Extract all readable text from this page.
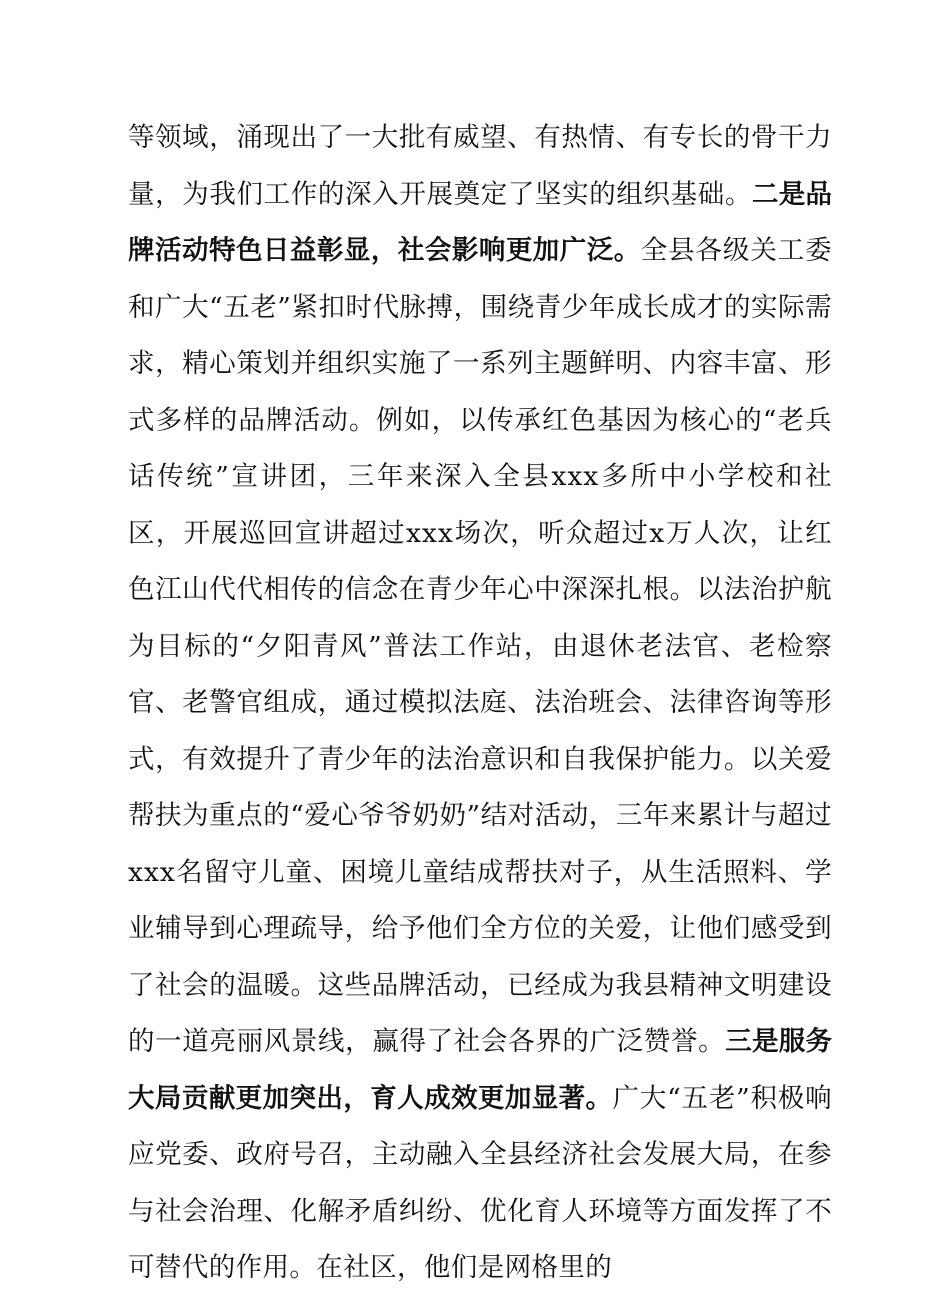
等领域，涌现出了一大批有威望、有热情、有专长的骨干力量，为我们工作的深入开展奠定了坚实的组织基础。二是品牌活动特色日益彰显，社会影响更加广泛。全县各级关工委和广大“五老”紧扣时代脉搏，围绕青少年成长成才的实际需求，精心策划并组织实施了一系列主题鲜明、内容丰富、形式多样的品牌活动。例如，以传承红色基因为核心的“老兵话传统”宣讲团，三年来深入全县xxx多所中小学校和社区，开展巡回宣讲超过xxx场次，听众超过x万人次，让红色江山代代相传的信念在青少年心中深深扎根。以法治护航为目标的“夕阳青风”普法工作站，由退休老法官、老检察官、老警官组成，通过模拟法庭、法治班会、法律咨询等形式，有效提升了青少年的法治意识和自我保护能力。以关爱帮扶为重点的“爱心爷爷奶奶”结对活动，三年来累计与超过xxx名留守儿童、困境儿童结成帮扶对子，从生活照料、学业辅导到心理疏导，给予他们全方位的关爱，让他们感受到了社会的温暖。这些品牌活动，已经成为我县精神文明建设的一道亮丽风景线，赢得了社会各界的广泛赞誉。三是服务大局贡献更加突出，育人成效更加显著。广大“五老”积极响应党委、政府号召，主动融入全县经济社会发展大局，在参与社会治理、化解矛盾纠纷、优化育人环境等方面发挥了不可替代的作用。在社区，他们是网格里的
